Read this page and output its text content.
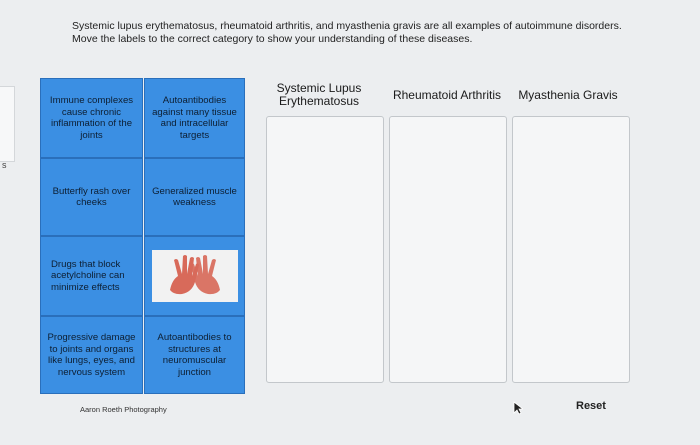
Systemic lupus erythematosus, rheumatoid arthritis, and myasthenia gravis are all examples of autoimmune disorders. Move the labels to the correct category to show your understanding of these diseases.
s
Immune complexes cause chronic inflammation of the joints
Autoantibodies against many tissue and intracellular targets
Butterfly rash over cheeks
Generalized muscle weakness
Drugs that block acetylcholine can minimize effects
Progressive damage to joints and organs like lungs, eyes, and nervous system
Autoantibodies to structures at neuromuscular junction
Systemic Lupus Erythematosus	Rheumatoid Arthritis	Myasthenia Gravis
Aaron Roeth Photography	Reset
